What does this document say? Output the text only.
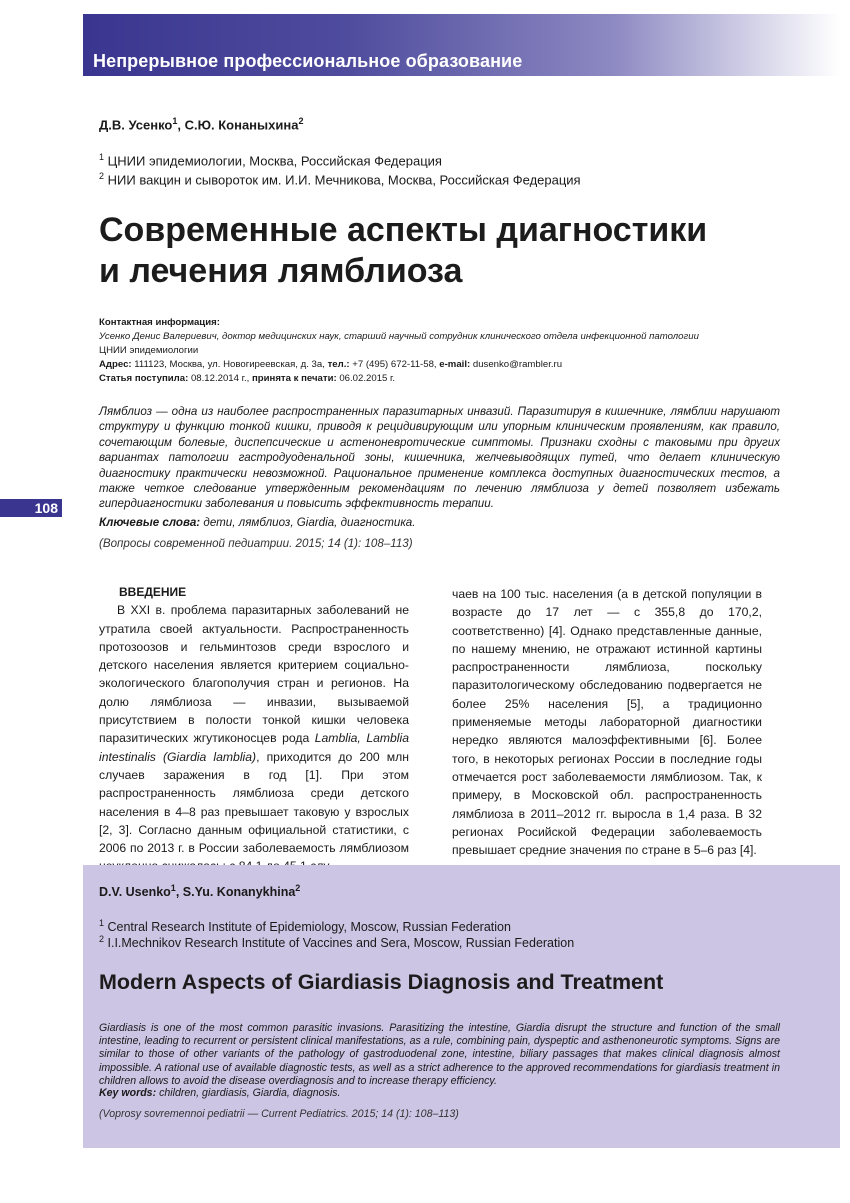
Непрерывное профессиональное образование
Д.В. Усенко$^1$, С.Ю. Конаныхина$^2$
$^1$ ЦНИИ эпидемиологии, Москва, Российская Федерация
$^2$ НИИ вакцин и сывороток им. И.И. Мечникова, Москва, Российская Федерация
Современные аспекты диагностики
и лечения лямблиоза
Контактная информация:
Усенко Денис Валериевич, доктор медицинских наук, старший научный сотрудник клинического отдела инфекционной патологии
ЦНИИ эпидемиологии
Адрес: 111123, Москва, ул. Новогиреевская, д. 3а, тел.: +7 (495) 672-11-58, e-mail: dusenko@rambler.ru
Статья поступила: 08.12.2014 г., принята к печати: 06.02.2015 г.
Лямблиоз — одна из наиболее распространенных паразитарных инвазий. Паразитируя в кишечнике, лямблии нарушают структуру и функцию тонкой кишки, приводя к рецидивирующим или упорным клиническим проявлениям, как правило, сочетающим болевые, диспепсические и астеноневротические симптомы. Признаки сходны с таковыми при других вариантах патологии гастродуоденальной зоны, кишечника, желчевыводящих путей, что делает клиническую диагностику практически невозможной. Рациональное применение комплекса доступных диагностических тестов, а также четкое следование утвержденным рекомендациям по лечению лямблиоза у детей позволяет избежать гипердиагностики заболевания и повысить эффективность терапии.
Ключевые слова: дети, лямблиоз, Giardia, диагностика.
(Вопросы современной педиатрии. 2015; 14 (1): 108–113)
108
ВВЕДЕНИЕ

В XXI в. проблема паразитарных заболеваний не утратила своей актуальности. Распространенность протозоозов и гельминтозов среди взрослого и детского населения является критерием социально-экологического благополучия стран и регионов. На долю лямблиоза — инвазии, вызываемой присутствием в полости тонкой кишки человека паразитических жгутиконосцев рода Lamblia, Lamblia intestinalis (Giardia lamblia), приходится до 200 млн случаев заражения в год [1]. При этом распространенность лямблиоза среди детского населения в 4–8 раз превышает таковую у взрослых [2, 3]. Согласно данным официальной статистики, с 2006 по 2013 г. в России заболеваемость лямблиозом

чаев на 100 тыс. населения (а в детской популяции в возрасте до 17 лет — с 355,8 до 170,2, соответственно) [4]. Однако представленные данные, по нашему мнению, не отражают истинной картины распространенности лямблиоза, поскольку паразитологическому обследованию подвергается не более 25% населения [5], а традиционно применяемые методы лабораторной диагностики нередко являются малоэффективными [6]. Более того, в некоторых регионах России в последние годы отмечается рост заболеваемости лямблиозом. Так, к примеру, в Московской обл. распространенность лямблиоза в 2011–2012 гг. выросла в 1,4 раза. В 32 регионах Росийской Федерации заболеваемость превышает средние значения по стране в 5–6 раз [4].

D.V. Usenko$^1$, S.Yu. Konanykhina$^2$
$^1$ Central Research Institute of Epidemiology, Moscow, Russian Federation
$^2$ I.I.Mechnikov Research Institute of Vaccines and Sera, Moscow, Russian Federation
Modern Aspects of Giardiasis Diagnosis and Treatment
Giardiasis is one of the most common parasitic invasions. Parasitizing the intestine, Giardia disrupt the structure and function of the small intestine, leading to recurrent or persistent clinical manifestations, as a rule, combining pain, dyspeptic and asthenoneurotic symptoms. Signs are similar to those of other variants of the pathology of gastroduodenal zone, intestine, biliary passages that makes clinical diagnosis almost impossible. A rational use of available diagnostic tests, as well as a strict adherence to the approved recommendations for giardiasis treatment in children allows to avoid the disease overdiagnosis and to increase therapy efficiency.
Key words: children, giardiasis, Giardia, diagnosis.
(Voprosy sovremennoi pediatrii — Current Pediatrics. 2015; 14 (1): 108–113)
